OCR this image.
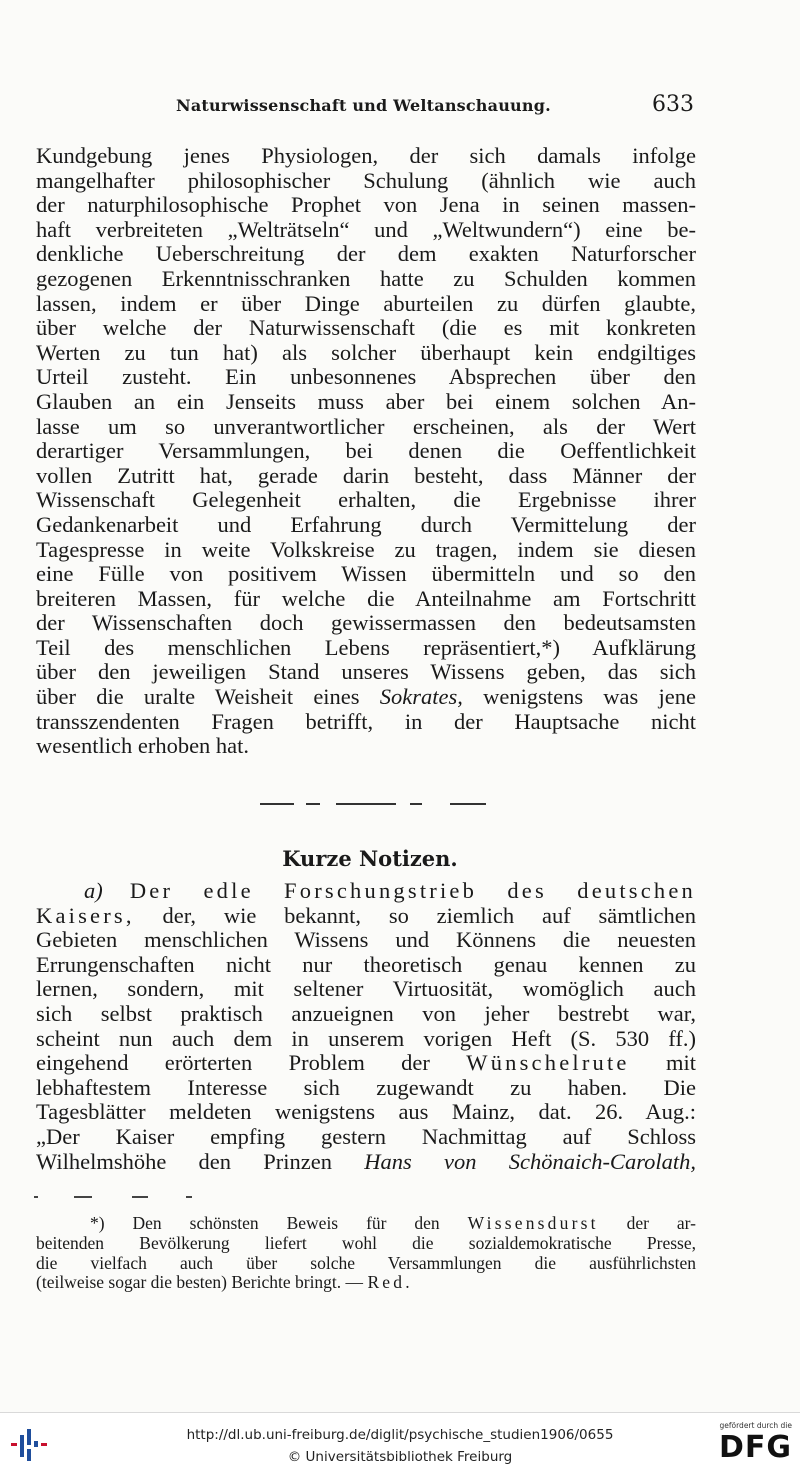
Naturwissenschaft und Weltanschauung.	633
Kundgebung jenes Physiologen, der sich damals infolge
mangelhafter philosophischer Schulung (ähnlich wie auch
der naturphilosophische Prophet von Jena in seinen massen-
haft verbreiteten „Welträtseln“ und „Weltwundern“) eine be-
denkliche Ueberschreitung der dem exakten Naturforscher
gezogenen Erkenntnisschranken hatte zu Schulden kommen
lassen, indem er über Dinge aburteilen zu dürfen glaubte,
über welche der Naturwissenschaft (die es mit konkreten
Werten zu tun hat) als solcher überhaupt kein endgiltiges
Urteil zusteht. Ein unbesonnenes Absprechen über den
Glauben an ein Jenseits muss aber bei einem solchen An-
lasse um so unverantwortlicher erscheinen, als der Wert
derartiger Versammlungen, bei denen die Oeffentlichkeit
vollen Zutritt hat, gerade darin besteht, dass Männer der
Wissenschaft Gelegenheit erhalten, die Ergebnisse ihrer
Gedankenarbeit und Erfahrung durch Vermittelung der
Tagespresse in weite Volkskreise zu tragen, indem sie diesen
eine Fülle von positivem Wissen übermitteln und so den
breiteren Massen, für welche die Anteilnahme am Fortschritt
der Wissenschaften doch gewissermassen den bedeutsamsten
Teil des menschlichen Lebens repräsentiert,*) Aufklärung
über den jeweiligen Stand unseres Wissens geben, das sich
über die uralte Weisheit eines Sokrates, wenigstens was jene
transszendenten Fragen betrifft, in der Hauptsache nicht
wesentlich erhoben hat.
Kurze Notizen.
a) Der edle Forschungstrieb des deutschen
Kaisers, der, wie bekannt, so ziemlich auf sämtlichen
Gebieten menschlichen Wissens und Könnens die neuesten
Errungenschaften nicht nur theoretisch genau kennen zu
lernen, sondern, mit seltener Virtuosität, womöglich auch
sich selbst praktisch anzueignen von jeher bestrebt war,
scheint nun auch dem in unserem vorigen Heft (S. 530 ff.)
eingehend erörterten Problem der Wünschelrute mit
lebhaftestem Interesse sich zugewandt zu haben. Die
Tagesblätter meldeten wenigstens aus Mainz, dat. 26. Aug.:
„Der Kaiser empfing gestern Nachmittag auf Schloss
Wilhelmshöhe den Prinzen Hans von Schönaich-Carolath,
*) Den schönsten Beweis für den Wissensdurst der ar-
beitenden Bevölkerung liefert wohl die sozialdemokratische Presse,
die vielfach auch über solche Versammlungen die ausführlichsten
(teilweise sogar die besten) Berichte bringt. — Red.
http://dl.ub.uni-freiburg.de/diglit/psychische_studien1906/0655
© Universitätsbibliothek Freiburg
gefördert durch die
DFG
